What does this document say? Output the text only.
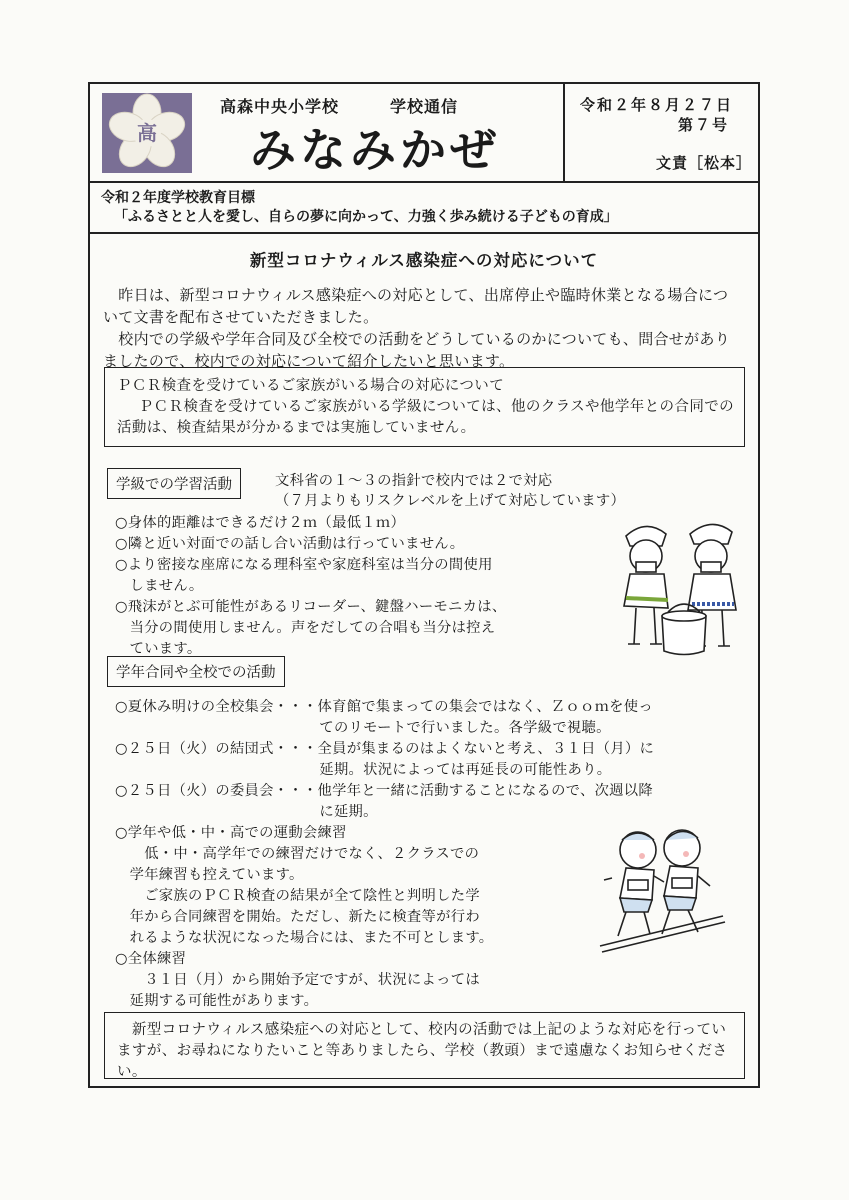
高
高森中央小学校	学校通信
みなみかぜ
令和２年８月２７日
第７号
文責［松本］
令和２年度学校教育目標
「ふるさとと人を愛し、自らの夢に向かって、力強く歩み続ける子どもの育成」
新型コロナウィルス感染症への対応について
　昨日は、新型コロナウィルス感染症への対応として、出席停止や臨時休業となる場合について文書を配布させていただきました。
　校内での学級や学年合同及び全校での活動をどうしているのかについても、問合せがありましたので、校内での対応について紹介したいと思います。
ＰＣＲ検査を受けているご家族がいる場合の対応について
ＰＣＲ検査を受けているご家族がいる学級については、他のクラスや他学年との合同での活動は、検査結果が分かるまでは実施していません。
学級での学習活動	文科省の１～３の指針で校内では２で対応
（７月よりもリスクレベルを上げて対応しています）
○身体的距離はできるだけ２ｍ（最低１ｍ）
○隣と近い対面での話し合い活動は行っていません。
○より密接な座席になる理科室や家庭科室は当分の間使用
　しません。
○飛沫がとぶ可能性があるリコーダー、鍵盤ハーモニカは、
　当分の間使用しません。声をだしての合唱も当分は控え
　ています。
学年合同や全校での活動
○夏休み明けの全校集会・・・体育館で集まっての集会ではなく、Ｚｏｏｍを使っ
　　　　　　　　　　　　　　てのリモートで行いました。各学級で視聴。
○２５日（火）の結団式・・・全員が集まるのはよくないと考え、３１日（月）に
　　　　　　　　　　　　　　延期。状況によっては再延長の可能性あり。
○２５日（火）の委員会・・・他学年と一緒に活動することになるので、次週以降
　　　　　　　　　　　　　　に延期。
○学年や低・中・高での運動会練習
　　低・中・高学年での練習だけでなく、２クラスでの
　学年練習も控えています。
　　ご家族のＰＣＲ検査の結果が全て陰性と判明した学
　年から合同練習を開始。ただし、新たに検査等が行わ
　れるような状況になった場合には、また不可とします。
○全体練習
　　３１日（月）から開始予定ですが、状況によっては
　延期する可能性があります。
　新型コロナウィルス感染症への対応として、校内の活動では上記のような対応を行っていますが、お尋ねになりたいこと等ありましたら、学校（教頭）まで遠慮なくお知らせください。
